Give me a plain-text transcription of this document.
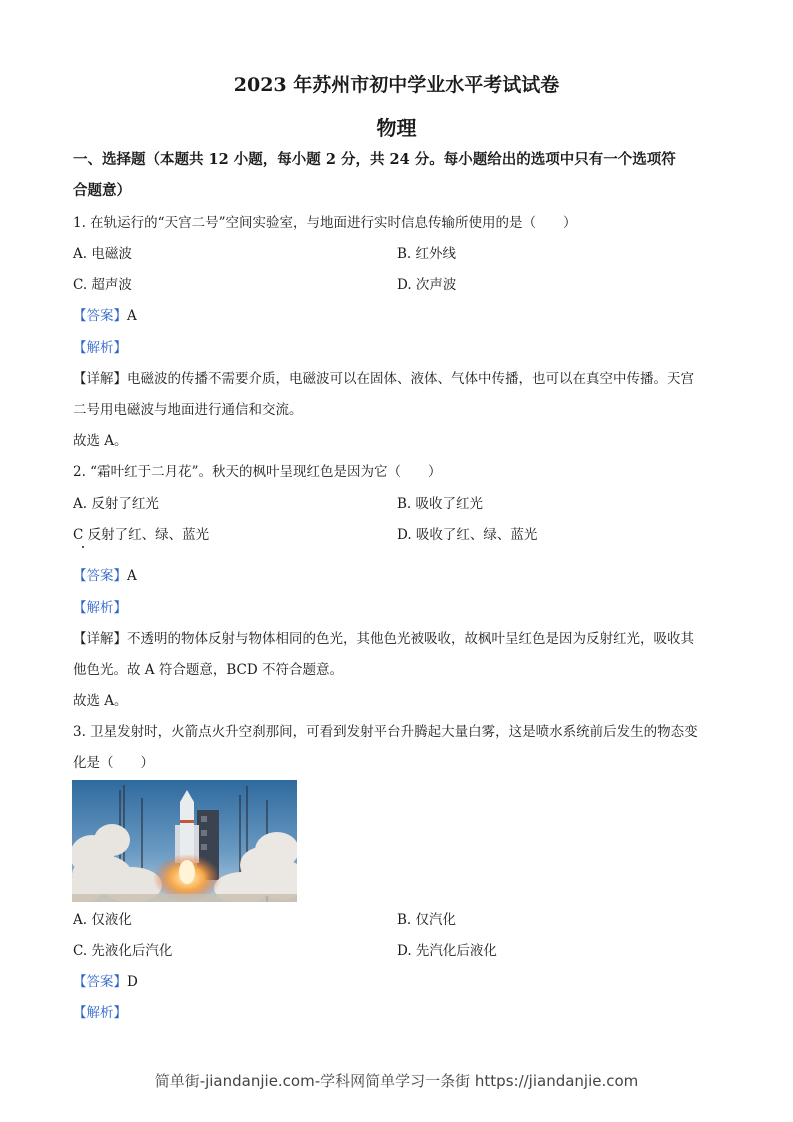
2023 年苏州市初中学业水平考试试卷
物理
一、选择题（本题共 12 小题，每小题 2 分，共 24 分。每小题给出的选项中只有一个选项符
合题意）
1. 在轨运行的“天宫二号”空间实验室，与地面进行实时信息传输所使用的是（　　）
A. 电磁波	B. 红外线
C. 超声波	D. 次声波
【答案】A
【解析】
【详解】电磁波的传播不需要介质，电磁波可以在固体、液体、气体中传播，也可以在真空中传播。天宫
二号用电磁波与地面进行通信和交流。
故选 A。
2. “霜叶红于二月花”。秋天的枫叶呈现红色是因为它（　　）
A. 反射了红光	B. 吸收了红光
C 反射了红、绿、蓝光	D. 吸收了红、绿、蓝光
【答案】A
【解析】
【详解】不透明的物体反射与物体相同的色光，其他色光被吸收，故枫叶呈红色是因为反射红光，吸收其
他色光。故 A 符合题意，BCD 不符合题意。
故选 A。
3. 卫星发射时，火箭点火升空刹那间，可看到发射平台升腾起大量白雾，这是喷水系统前后发生的物态变
化是（　　）
A. 仅液化	B. 仅汽化
C. 先液化后汽化	D. 先汽化后液化
【答案】D
【解析】
简单街-jiandanjie.com-学科网简单学习一条街 https://jiandanjie.com
